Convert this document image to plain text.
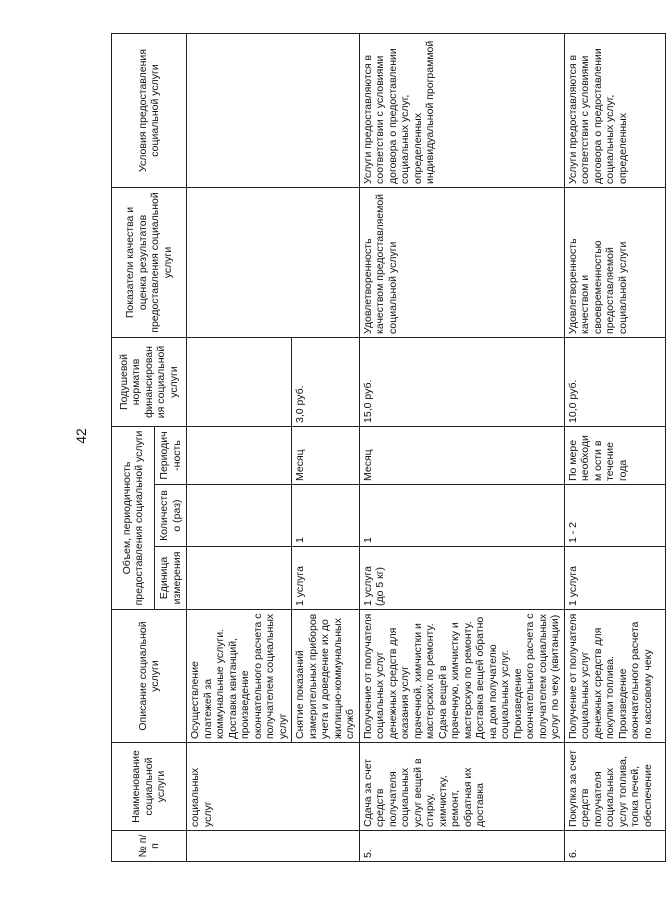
42
№ п/п	Наименование социальной услуги	Описание социальной услуги	Объем, периодичность предоставления социальной услуги			Подушевой норматив финансирован ия социальной услуги	Показатели качества и оценка результатов предоставления социальной услуги	Условия предоставления социальной услуги
			Единица измерения	Количество (раз)	Периодич-ность			
	социальных услуг	Осуществление платежей за коммунальные услуги. Доставка квитанций, произведение окончательного расчета с получателем социальных услуг						
		Снятие показаний измерительных приборов учета и доведение их до жилищно-коммунальных служб	1 услуга	1	Месяц	3,0 руб.		
5.	Сдача за счет средств получателя социальных услуг вещей в стирку, химчистку, ремонт, обратная их доставка	Получение от получателя социальных услуг денежных средств для оказания услуг прачечной, химчистки и мастерских по ремонту. Сдача вещей в прачечную, химчистку и мастерскую по ремонту. Доставка вещей обратно на дом получателю социальных услуг. Произведение окончательного расчета с получателем социальных услуг по чеку (квитанции)	1 услуга (до 5 кг)	1	Месяц	15,0 руб.	Удовлетворенность качеством предоставляемой социальной услуги	Услуги предоставляются в соответствии с условиями договора о предоставлении социальных услуг, определенных индивидуальной программой
6.	Покупка за счет средств получателя социальных услуг топлива, топка печей, обеспечение	Получение от получателя социальных услуг денежных средств для покупки топлива. Произведение окончательного расчета по кассовому чеку	1 услуга	1 - 2	По мере необходим ости в течение года	10,0 руб.	Удовлетворенность качеством и своевременностью предоставляемой социальной услуги	Услуги предоставляются в соответствии с условиями договора о предоставлении социальных услуг, определенных
